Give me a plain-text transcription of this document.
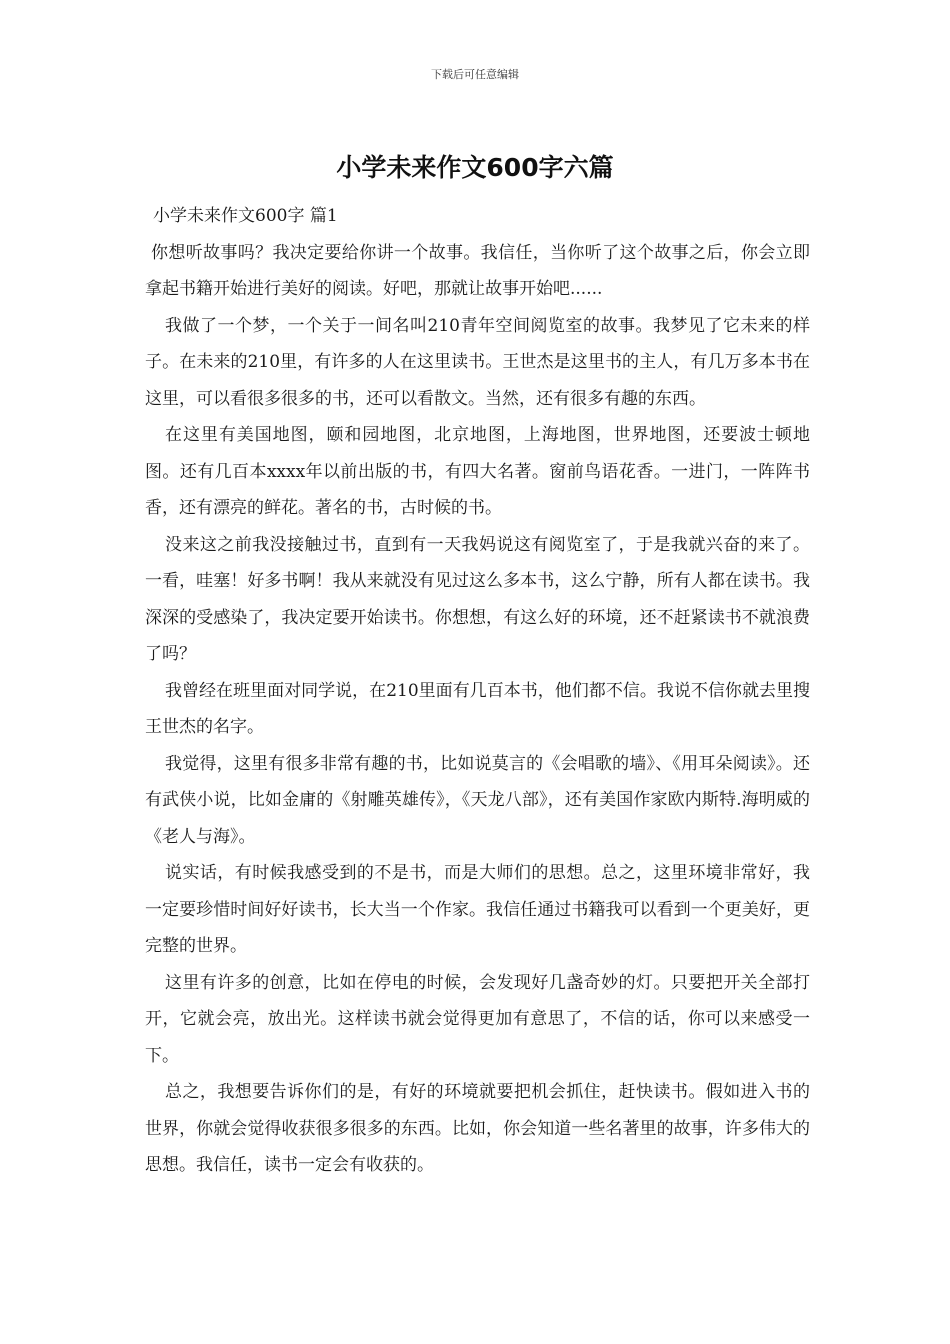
下载后可任意编辑
小学未来作文600字六篇

小学未来作文600字 篇1

你想听故事吗？我决定要给你讲一个故事。我信任，当你听了这个故事之后，你会立即拿起书籍开始进行美好的阅读。好吧，那就让故事开始吧......

我做了一个梦，一个关于一间名叫210青年空间阅览室的故事。我梦见了它未来的样子。在未来的210里，有许多的人在这里读书。王世杰是这里书的主人，有几万多本书在这里，可以看很多很多的书，还可以看散文。当然，还有很多有趣的东西。

在这里有美国地图，颐和园地图，北京地图，上海地图，世界地图，还要波士顿地图。还有几百本xxxx年以前出版的书，有四大名著。窗前鸟语花香。一进门，一阵阵书香，还有漂亮的鲜花。著名的书，古时候的书。

没来这之前我没接触过书，直到有一天我妈说这有阅览室了，于是我就兴奋的来了。一看，哇塞！好多书啊！我从来就没有见过这么多本书，这么宁静，所有人都在读书。我深深的受感染了，我决定要开始读书。你想想，有这么好的环境，还不赶紧读书不就浪费了吗？

我曾经在班里面对同学说，在210里面有几百本书，他们都不信。我说不信你就去里搜王世杰的名字。

我觉得，这里有很多非常有趣的书，比如说莫言的《会唱歌的墙》、《用耳朵阅读》。还有武侠小说，比如金庸的《射雕英雄传》，《天龙八部》，还有美国作家欧内斯特.海明威的《老人与海》。

说实话，有时候我感受到的不是书，而是大师们的思想。总之，这里环境非常好，我一定要珍惜时间好好读书，长大当一个作家。我信任通过书籍我可以看到一个更美好，更完整的世界。

这里有许多的创意，比如在停电的时候，会发现好几盏奇妙的灯。只要把开关全部打开，它就会亮，放出光。这样读书就会觉得更加有意思了，不信的话，你可以来感受一下。

总之，我想要告诉你们的是，有好的环境就要把机会抓住，赶快读书。假如进入书的世界，你就会觉得收获很多很多的东西。比如，你会知道一些名著里的故事，许多伟大的思想。我信任，读书一定会有收获的。
